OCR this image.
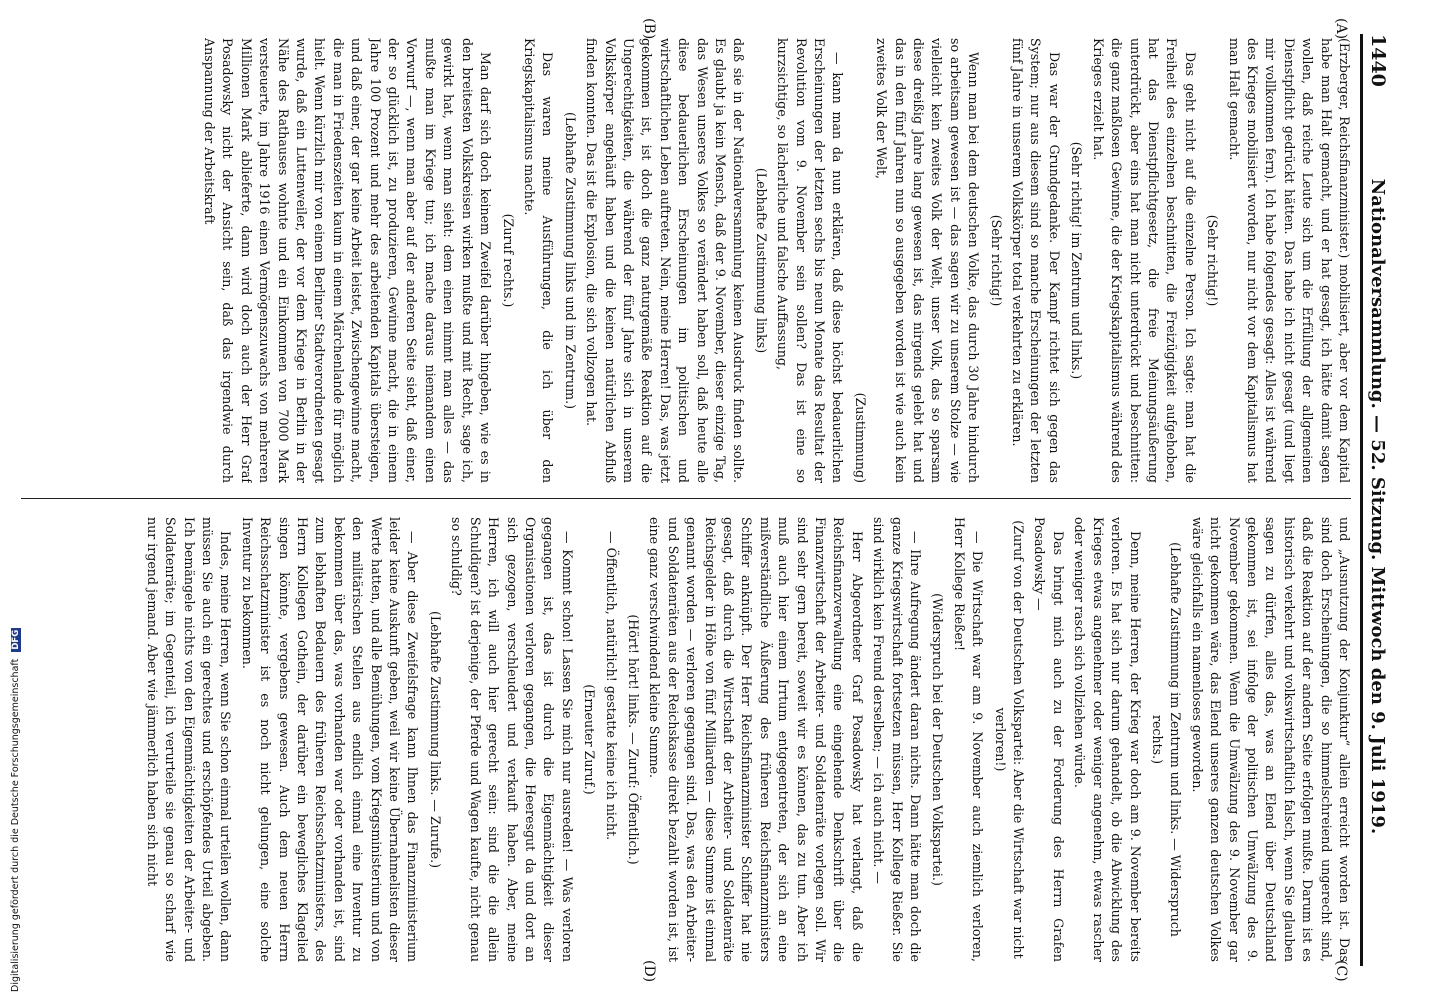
1440
Nationalversammlung. — 52. Sitzung. Mittwoch den 9. Juli 1919.
(A)
(B)
(C)
(D)

(Erzberger, Reichsfinanzminister.) mobilisiert, aber vor dem Kapital habe man Halt gemacht, und er hat gesagt, ich hätte damit sagen wollen, daß reiche Leute sich um die Erfüllung der allgemeinen Dienstpflicht gedrückt hätten. Das habe ich nicht gesagt (und liegt mir vollkommen fern). Ich habe folgendes gesagt: Alles ist während des Krieges mobilisiert worden, nur nicht vor dem Kapitalismus hat man Halt gemacht.

(Sehr richtig!)

Das geht nicht auf die einzelne Person. Ich sagte: man hat die Freiheit des einzelnen beschnitten, die Freizügigkeit aufgehoben, hat das Dienstpflichtgesetz, die freie Meinungsäußerung unterdrückt, aber eins hat man nicht unterdrückt und beschnitten: die ganz maßlosen Gewinne, die der Kriegskapitalismus während des Krieges erzielt hat.

(Sehr richtig! im Zentrum und links.)

Das war der Grundgedanke. Der Kampf richtet sich gegen das System; nur aus diesem sind so manche Erscheinungen der letzten fünf Jahre in unserem Volkskörper total verkehrten zu erklären.

(Sehr richtig!)

Wenn man bei dem deutschen Volke, das durch 30 Jahre hindurch so arbeitsam gewesen ist — das sagen wir zu unserem Stolze — wie vielleicht kein zweites Volk der Welt, unser Volk, das so sparsam diese dreißig Jahre lang gewesen ist, das nirgends gelebt hat und das in den fünf Jahren nun so ausgegeben worden ist wie auch kein zweites Volk der Welt,

(Zustimmung)

— kann man da nun erklären, daß diese höchst bedauerlichen Erscheinungen der letzten sechs bis neun Monate das Resultat der Revolution vom 9. November sein sollen? Das ist eine so kurzsichtige, so lächerliche und falsche Auffassung,

(Lebhafte Zustimmung links)

daß sie in der Nationalversammlung keinen Ausdruck finden sollte. Es glaubt ja kein Mensch, daß der 9. November, dieser einzige Tag, das Wesen unseres Volkes so verändert haben soll, daß heute alle diese bedauerlichen Erscheinungen im politischen und wirtschaftlichen Leben auftreten. Nein, meine Herren! Das, was jetzt gekommen ist, ist doch die ganz naturgemäße Reaktion auf die Ungerechtigkeiten, die während der fünf Jahre sich in unserem Volkskörper angehäuft haben und die keinen natürlichen Abfluß finden konnten. Das ist die Explosion, die sich vollzogen hat.

(Lebhafte Zustimmung links und im Zentrum.)

Das waren meine Ausführungen, die ich über den Kriegskapitalismus machte.

(Zuruf rechts.)

Man darf sich doch keinem Zweifel darüber hingeben, wie es in den breitesten Volkskreisen wirken mußte und mit Recht, sage ich, gewirkt hat, wenn man sieht: dem einen nimmt man alles — das mußte man im Kriege tun; ich mache daraus niemandem einen Vorwurf —, wenn man aber auf der anderen Seite sieht, daß einer, der so glücklich ist, zu produzieren, Gewinne macht, die in einem Jahre 100 Prozent und mehr des arbeitenden Kapitals übersteigen, und daß einer, der gar keine Arbeit leistet, Zwischengewinne macht, die man in Friedenszeiten kaum in einem Märchenlande für möglich hielt. Wenn kürzlich mir von einem Berliner Stadtverordneten gesagt wurde, daß ein Luttenweiler, der vor dem Kriege in Berlin in der Nähe des Rathauses wohnte und ein Einkommen von 7000 Mark versteuerte, im Jahre 1916 einen Vermögenszuwachs von mehreren Millionen Mark ablieferte, dann wird doch auch der Herr Graf Posadowsky nicht der Ansicht sein, daß das irgendwie durch Anspannung der Arbeitskraft

und „Ausnutzung der Konjunktur“ allein erreicht worden ist. Das sind doch Erscheinungen, die so himmelschreiend ungerecht sind, daß die Reaktion auf der andern Seite erfolgen mußte. Darum ist es historisch verkehrt und volkswirtschaftlich falsch, wenn Sie glauben sagen zu dürfen, alles das, was an Elend über Deutschland gekommen ist, sei infolge der politischen Umwälzung des 9. November gekommen. Wenn die Umwälzung des 9. November gar nicht gekommen wäre, das Elend unseres ganzen deutschen Volkes wäre gleichfalls ein namenloses geworden.

(Lebhafte Zustimmung im Zentrum und links. — Widerspruch rechts.)

Denn, meine Herren, der Krieg war doch am 9. November bereits verloren. Es hat sich nur darum gehandelt, ob die Abwicklung des Krieges etwas angenehmer oder weniger angenehm, etwas rascher oder weniger rasch sich vollziehen würde.

Das bringt mich auch zu der Forderung des Herrn Grafen Posadowsky —

(Zuruf von der Deutschen Volkspartei: Aber die Wirtschaft war nicht verloren!)

— Die Wirtschaft war am 9. November auch ziemlich verloren, Herr Kollege Rießer!

(Widerspruch bei der Deutschen Volkspartei.)

— Ihre Aufregung ändert daran nichts. Dann hätte man doch die ganze Kriegswirtschaft fortsetzen müssen, Herr Kollege Rießer. Sie sind wirklich kein Freund derselben; — ich auch nicht. —

Herr Abgeordneter Graf Posadowsky hat verlangt, daß die Reichsfinanzverwaltung eine eingehende Denkschrift über die Finanzwirtschaft der Arbeiter- und Soldatenräte vorlegen soll. Wir sind sehr gern bereit, soweit wir es können, das zu tun. Aber ich muß auch hier einem Irrtum entgegentreten, der sich an eine mißverständliche Äußerung des früheren Reichsfinanzministers Schiffer anknüpft. Der Herr Reichsfinanzminister Schiffer hat nie gesagt, daß durch die Wirtschaft der Arbeiter- und Soldatenräte Reichsgelder in Höhe von fünf Milliarden — diese Summe ist einmal genannt worden — verloren gegangen sind. Das, was den Arbeiter- und Soldatenräten aus der Reichskasse direkt bezahlt worden ist, ist eine ganz verschwindend kleine Summe.

(Hört! hört! links. — Zuruf: Öffentlich.)

— Öffentlich, natürlich! gestatte keine ich nicht.

(Erneuter Zuruf.)

— Kommt schon! Lassen Sie mich nur ausreden! — Was verloren gegangen ist, das ist durch die Eigenmächtigkeit dieser Organisationen verloren gegangen, die Heeresgut da und dort an sich gezogen, verschleudert und verkauft haben. Aber, meine Herren, ich will auch hier gerecht sein: sind die die allein Schuldigen? ist derjenige, der Pferde und Wagen kaufte, nicht genau so schuldig?

(Lebhafte Zustimmung links. — Zurufe.)

— Aber diese Zweifelsfrage kann Ihnen das Finanzministerium leider keine Auskunft geben, weil wir keine Übernahmelisten dieser Werte hatten, und alle Bemühungen, vom Kriegsministerium und von den militärischen Stellen aus endlich einmal eine Inventur zu bekommen über das, was vorhanden war oder vorhanden ist, sind zum lebhaften Bedauern des früheren Reichsschatzministers, des Herrn Kollegen Gothein, der darüber ein bewegliches Klagelied singen könnte, vergebens gewesen. Auch dem neuen Herrn Reichsschatzminister ist es noch nicht gelungen, eine solche Inventur zu bekommen.

Indes, meine Herren, wenn Sie schon einmal urteilen wollen, dann müssen Sie auch ein gerechtes und erschöpfendes Urteil abgeben. Ich bemängele nichts von den Eigenmächtigkeiten der Arbeiter- und Soldatenräte; im Gegenteil, ich verurteile sie genau so scharf wie nur irgend jemand. Aber wie jämmerlich haben sich nicht

Digitalisierung gefördert durch die Deutsche Forschungsgemeinschaft DFG
